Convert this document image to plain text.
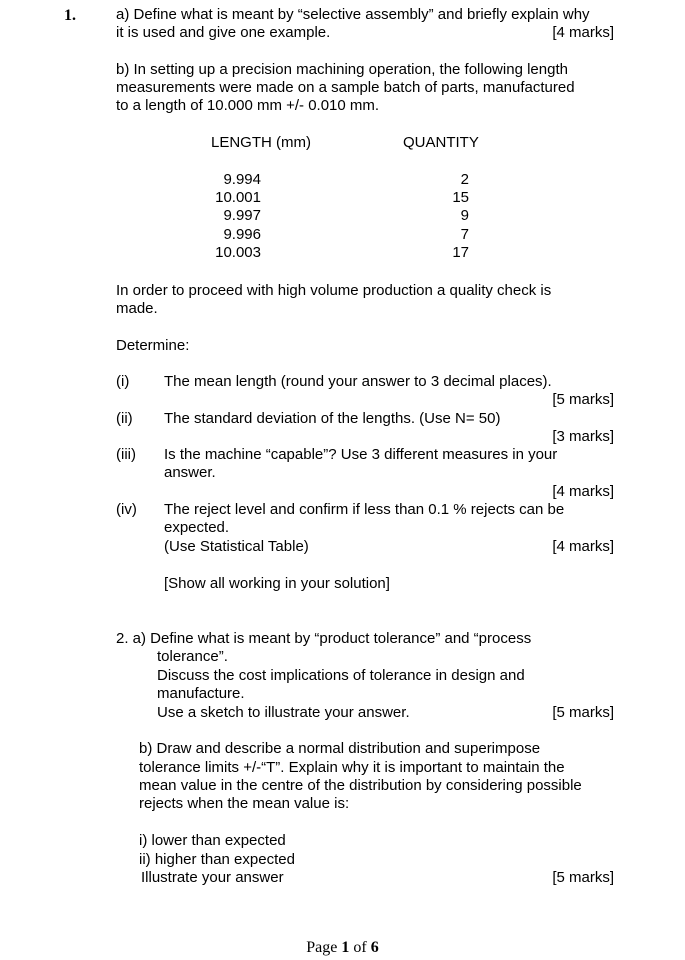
1.	a) Define what is meant by “selective assembly” and briefly explain why
it is used and give one example.	[4 marks]
b) In setting up a precision machining operation, the following length
measurements were made on a sample batch of parts, manufactured
to a length of 10.000 mm +/- 0.010 mm.
LENGTH (mm)	QUANTITY
9.994	2
10.001	15
9.997	9
9.996	7
10.003	17
In order to proceed with high volume production a quality check is
made.
Determine:
(i) The mean length (round your answer to 3 decimal places).
[5 marks]
(ii) The standard deviation of the lengths. (Use N= 50)
[3 marks]
(iii) Is the machine “capable”? Use 3 different measures in your
answer.
[4 marks]
(iv) The reject level and confirm if less than 0.1 % rejects can be
expected.
(Use Statistical Table)	[4 marks]
[Show all working in your solution]
2. a) Define what is meant by “product tolerance” and “process
tolerance”.
Discuss the cost implications of tolerance in design and
manufacture.
Use a sketch to illustrate your answer.	[5 marks]
b) Draw and describe a normal distribution and superimpose
tolerance limits +/-“T”. Explain why it is important to maintain the
mean value in the centre of the distribution by considering possible
rejects when the mean value is:
i) lower than expected
ii) higher than expected
Illustrate your answer	[5 marks]
Page 1 of 6
